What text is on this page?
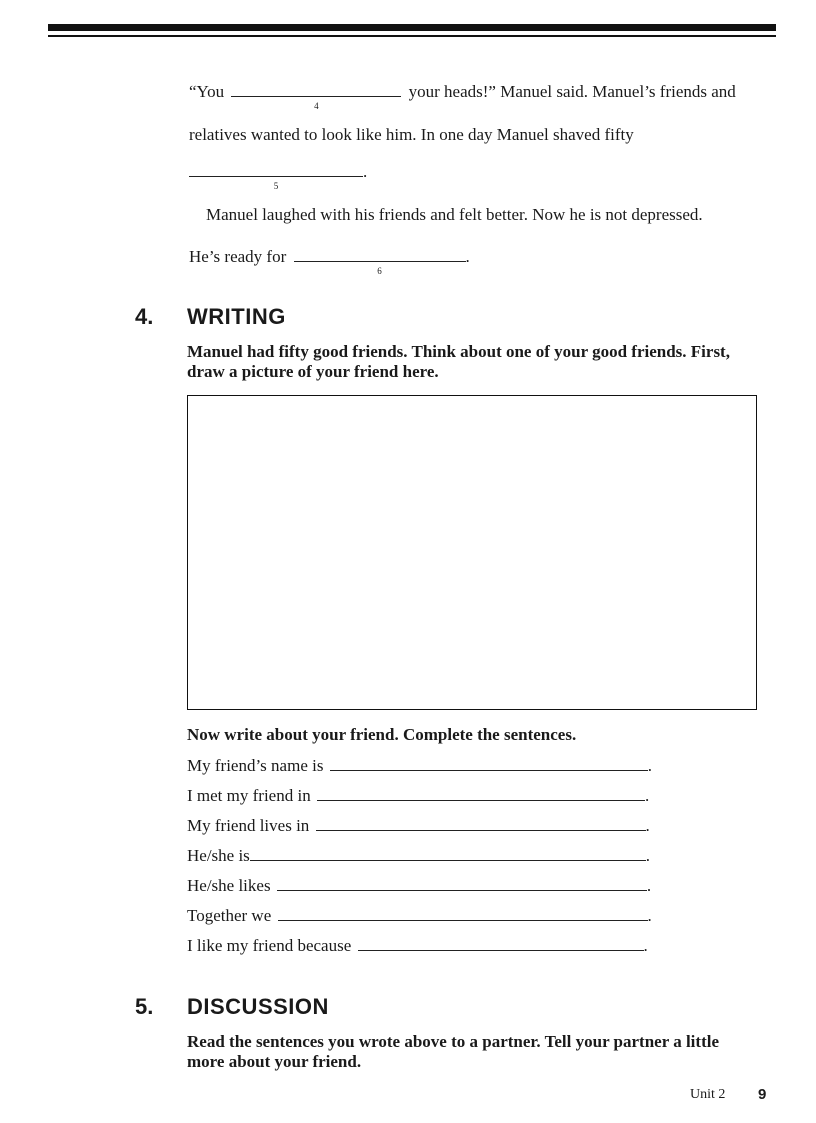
“You
4
your heads!” Manuel said. Manuel’s friends and
relatives wanted to look like him. In one day Manuel shaved fifty
5
.
Manuel laughed with his friends and felt better. Now he is not depressed.
He’s ready for
6
.
4. WRITING
Manuel had fifty good friends. Think about one of your good friends. First,
draw a picture of your friend here.
Now write about your friend. Complete the sentences.
My friend’s name is	.
I met my friend in	.
My friend lives in	.
He/she is	.
He/she likes	.
Together we	.
I like my friend because	.
5. DISCUSSION
Read the sentences you wrote above to a partner. Tell your partner a little
more about your friend.
Unit 2 9
